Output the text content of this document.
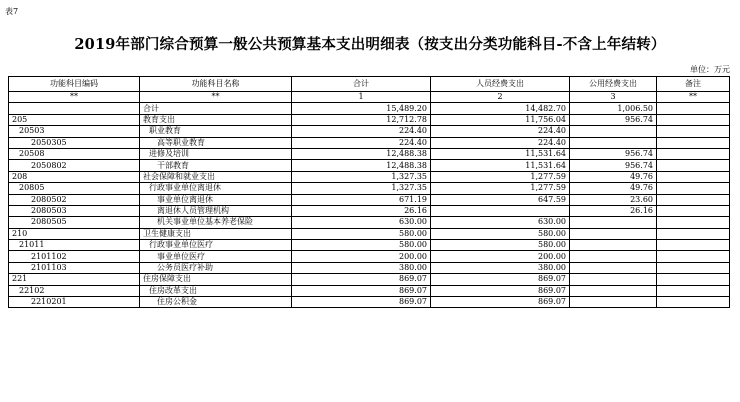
表7
2019年部门综合预算一般公共预算基本支出明细表（按支出分类功能科目-不含上年结转）
单位：万元
功能科目编码	功能科目名称	合计	人员经费支出	公用经费支出	备注
**	**	1	2	3	**
	合计	15,489.20	14,482.70	1,006.50	
205	教育支出	12,712.78	11,756.04	956.74	
20503	职业教育	224.40	224.40		
2050305	高等职业教育	224.40	224.40		
20508	进修及培训	12,488.38	11,531.64	956.74	
2050802	干部教育	12,488.38	11,531.64	956.74	
208	社会保障和就业支出	1,327.35	1,277.59	49.76	
20805	行政事业单位离退休	1,327.35	1,277.59	49.76	
2080502	事业单位离退休	671.19	647.59	23.60	
2080503	离退休人员管理机构	26.16		26.16	
2080505	机关事业单位基本养老保险	630.00	630.00		
210	卫生健康支出	580.00	580.00		
21011	行政事业单位医疗	580.00	580.00		
2101102	事业单位医疗	200.00	200.00		
2101103	公务员医疗补助	380.00	380.00		
221	住房保障支出	869.07	869.07		
22102	住房改革支出	869.07	869.07		
2210201	住房公积金	869.07	869.07		
